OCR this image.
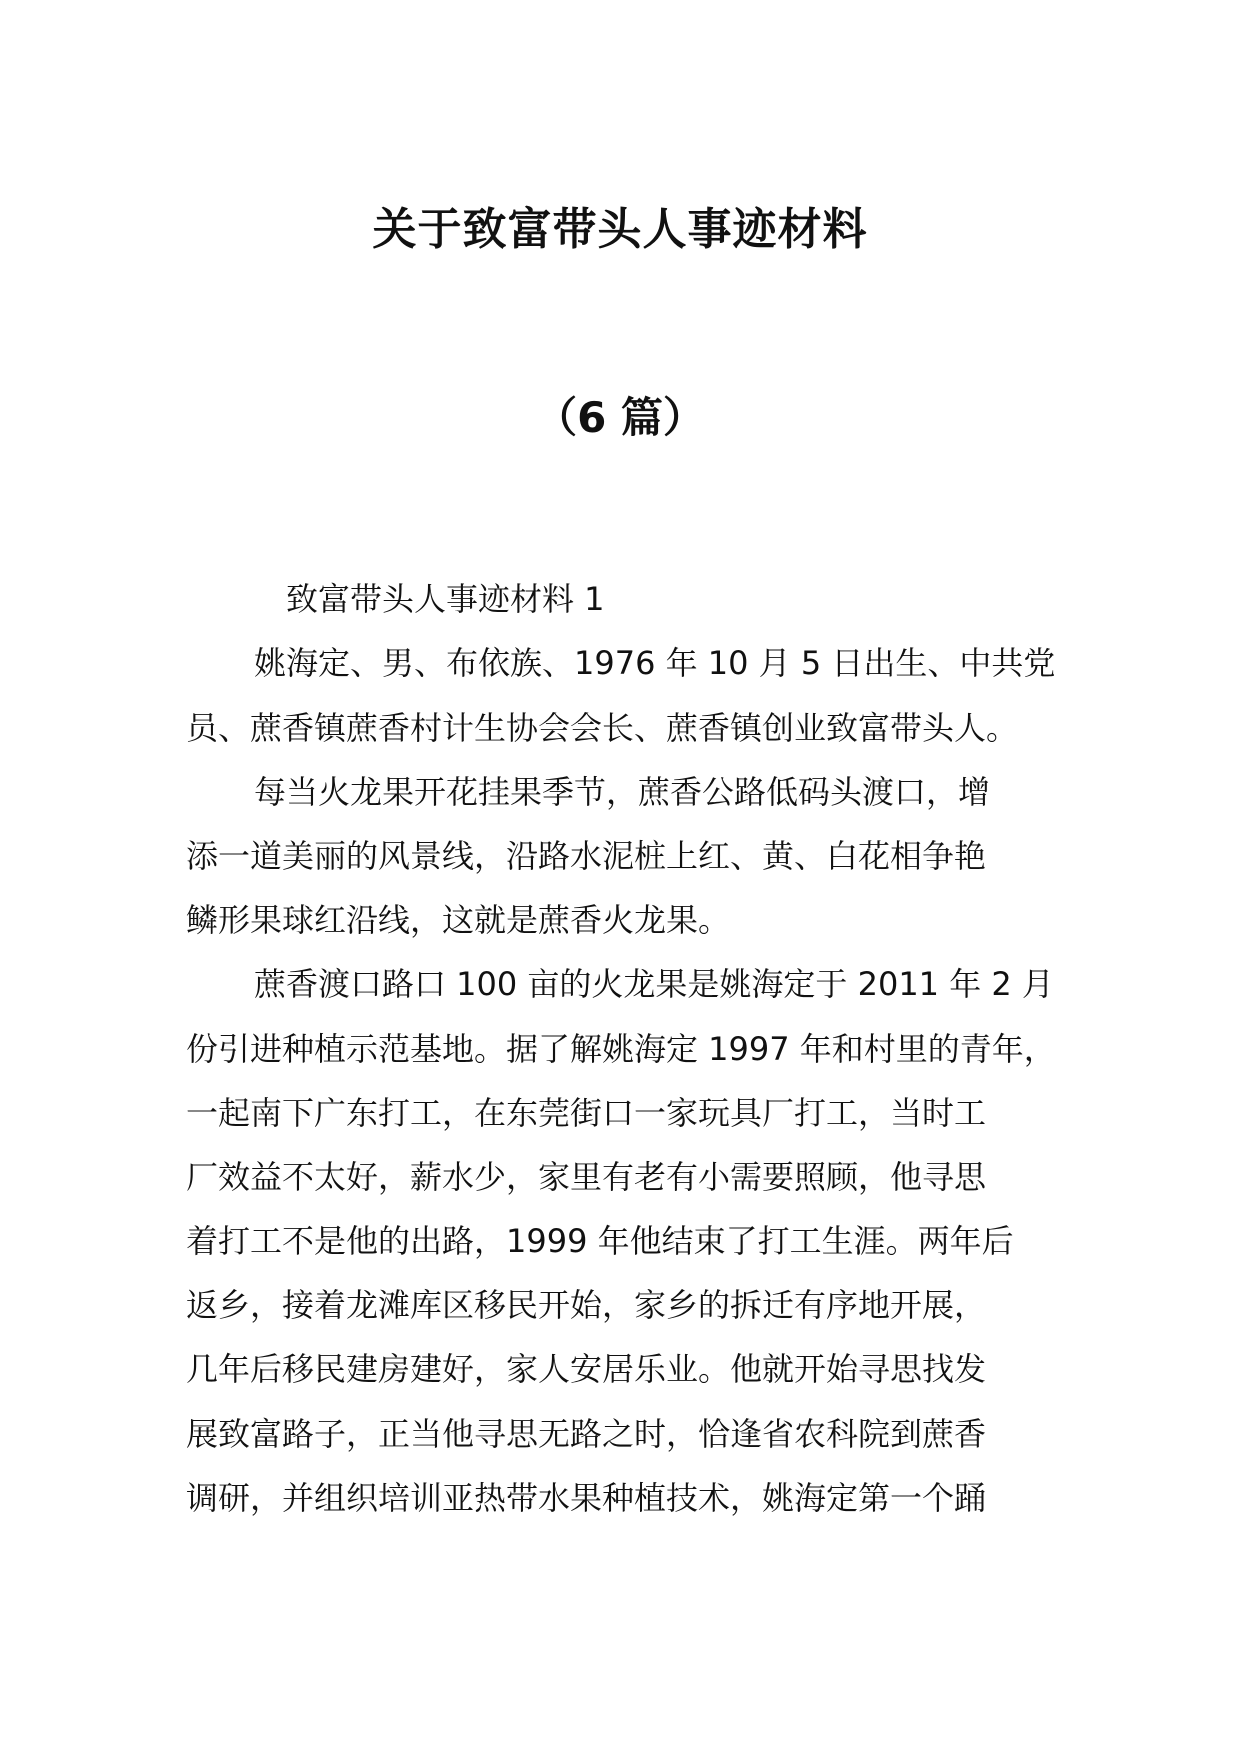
关于致富带头人事迹材料
（6 篇）
致富带头人事迹材料 1
姚海定、男、布依族、1976 年 10 月 5 日出生、中共党
员、蔗香镇蔗香村计生协会会长、蔗香镇创业致富带头人。
每当火龙果开花挂果季节，蔗香公路低码头渡口，增
添一道美丽的风景线，沿路水泥桩上红、黄、白花相争艳
鳞形果球红沿线，这就是蔗香火龙果。
蔗香渡口路口 100 亩的火龙果是姚海定于 2011 年 2 月
份引进种植示范基地。据了解姚海定 1997 年和村里的青年，
一起南下广东打工，在东莞街口一家玩具厂打工，当时工
厂效益不太好，薪水少，家里有老有小需要照顾，他寻思
着打工不是他的出路，1999 年他结束了打工生涯。两年后
返乡，接着龙滩库区移民开始，家乡的拆迁有序地开展，
几年后移民建房建好，家人安居乐业。他就开始寻思找发
展致富路子，正当他寻思无路之时，恰逢省农科院到蔗香
调研，并组织培训亚热带水果种植技术，姚海定第一个踊
